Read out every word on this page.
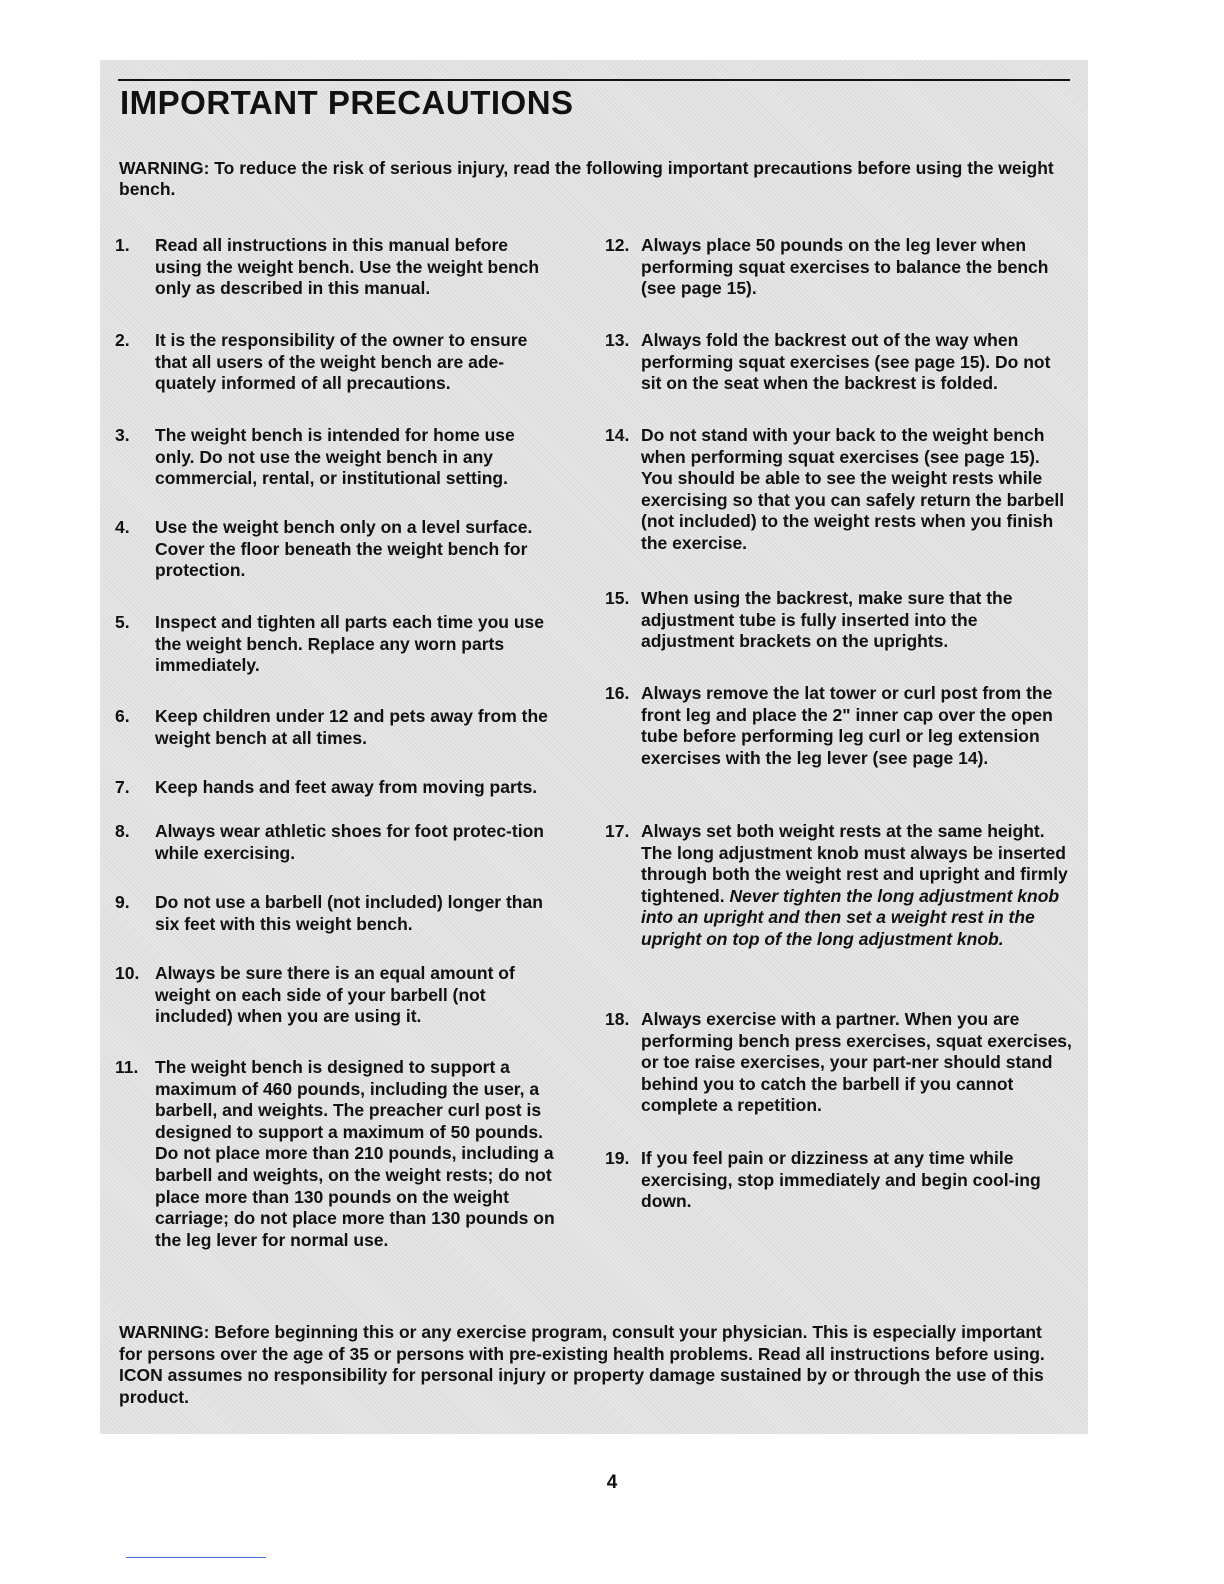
IMPORTANT PRECAUTIONS

WARNING: To reduce the risk of serious injury, read the following important precautions before using the weight bench.

1.	Read all instructions in this manual before using the weight bench. Use the weight bench only as described in this manual.
2.	It is the responsibility of the owner to ensure that all users of the weight bench are ade-quately informed of all precautions.
3.	The weight bench is intended for home use only. Do not use the weight bench in any commercial, rental, or institutional setting.
4.	Use the weight bench only on a level surface. Cover the floor beneath the weight bench for protection.
5.	Inspect and tighten all parts each time you use the weight bench. Replace any worn parts immediately.
6.	Keep children under 12 and pets away from the weight bench at all times.
7.	Keep hands and feet away from moving parts.
8.	Always wear athletic shoes for foot protec-tion while exercising.
9.	Do not use a barbell (not included) longer than six feet with this weight bench.
10. Always be sure there is an equal amount of weight on each side of your barbell (not included) when you are using it.
11. The weight bench is designed to support a maximum of 460 pounds, including the user, a barbell, and weights. The preacher curl post is designed to support a maximum of 50 pounds. Do not place more than 210 pounds, including a barbell and weights, on the weight rests; do not place more than 130 pounds on the weight carriage; do not place more than 130 pounds on the leg lever for normal use.
12. Always place 50 pounds on the leg lever when performing squat exercises to balance the bench (see page 15).
13. Always fold the backrest out of the way when performing squat exercises (see page 15). Do not sit on the seat when the backrest is folded.
14. Do not stand with your back to the weight bench when performing squat exercises (see page 15). You should be able to see the weight rests while exercising so that you can safely return the barbell (not included) to the weight rests when you finish the exercise.
15. When using the backrest, make sure that the adjustment tube is fully inserted into the adjustment brackets on the uprights.
16. Always remove the lat tower or curl post from the front leg and place the 2" inner cap over the open tube before performing leg curl or leg extension exercises with the leg lever (see page 14).
17. Always set both weight rests at the same height. The long adjustment knob must always be inserted through both the weight rest and upright and firmly tightened. Never tighten the long adjustment knob into an upright and then set a weight rest in the upright on top of the long adjustment knob.
18. Always exercise with a partner. When you are performing bench press exercises, squat exercises, or toe raise exercises, your part-ner should stand behind you to catch the barbell if you cannot complete a repetition.
19. If you feel pain or dizziness at any time while exercising, stop immediately and begin cool-ing down.

WARNING: Before beginning this or any exercise program, consult your physician. This is especially important for persons over the age of 35 or persons with pre-existing health problems. Read all instructions before using. ICON assumes no responsibility for personal injury or property damage sustained by or through the use of this product.

4
